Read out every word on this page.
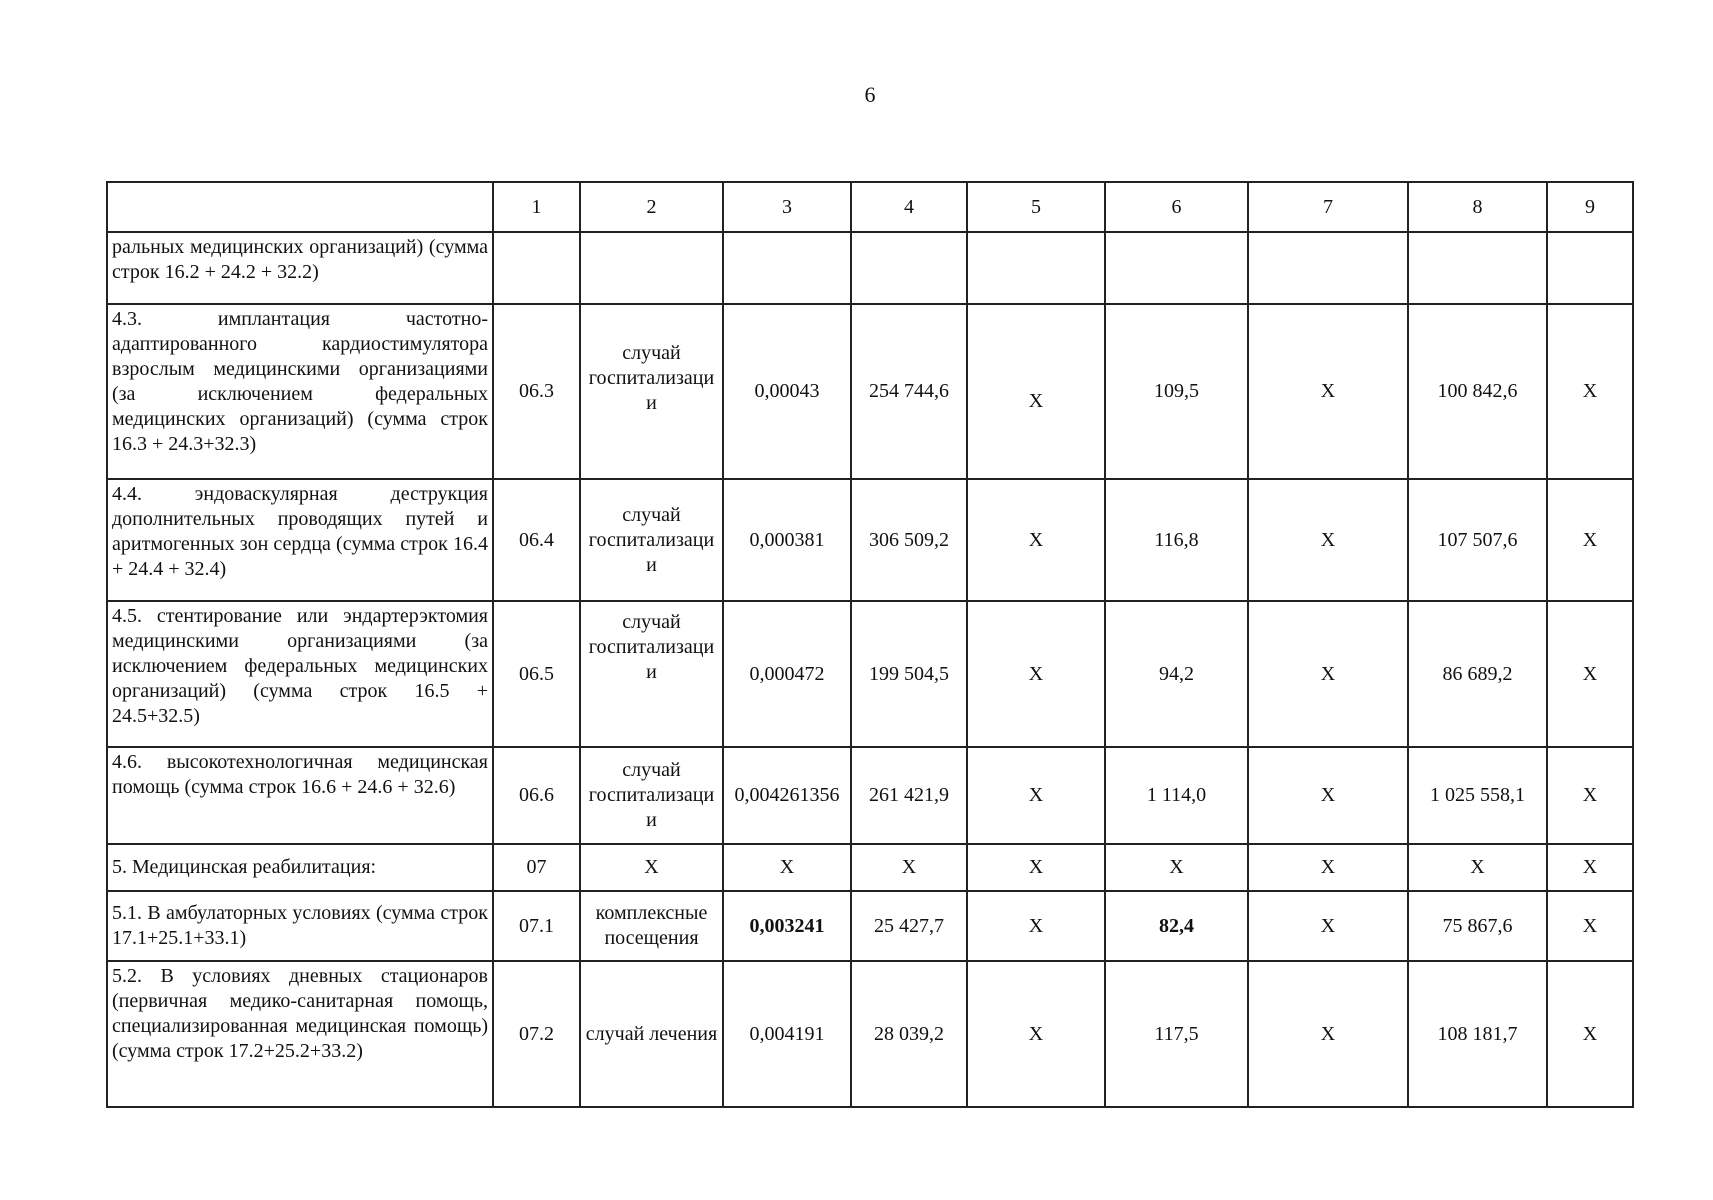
6
	1	2	3	4	5	6	7	8	9
ральных медицинских организаций) (сумма строк 16.2 + 24.2 + 32.2)									
4.3. имплантация частотно-адаптированного кардиостимулятора взрослым медицинскими организациями (за исключением федеральных медицинских организаций) (сумма строк 16.3 + 24.3+32.3)	06.3	случай госпитализации	0,00043	254 744,6	Х	109,5	Х	100 842,6	Х
4.4. эндоваскулярная деструкция дополнительных проводящих путей и аритмогенных зон сердца (сумма строк 16.4 + 24.4 + 32.4)	06.4	случай госпитализации	0,000381	306 509,2	Х	116,8	Х	107 507,6	Х
4.5. стентирование или эндартерэктомия медицинскими организациями (за исключением федеральных медицинских организаций) (сумма строк 16.5 + 24.5+32.5)	06.5	случай госпитализации	0,000472	199 504,5	Х	94,2	Х	86 689,2	Х
4.6. высокотехнологичная медицинская помощь (сумма строк 16.6 + 24.6 + 32.6)	06.6	случай госпитализации	0,004261356	261 421,9	Х	1 114,0	Х	1 025 558,1	Х
5. Медицинская реабилитация:	07	Х	Х	Х	Х	Х	Х	Х	Х
5.1. В амбулаторных условиях (сумма строк 17.1+25.1+33.1)	07.1	комплексные посещения	0,003241	25 427,7	Х	82,4	Х	75 867,6	Х
5.2. В условиях дневных стационаров (первичная медико-санитарная помощь, специализированная медицинская помощь) (сумма строк 17.2+25.2+33.2)	07.2	случай лечения	0,004191	28 039,2	Х	117,5	Х	108 181,7	Х
